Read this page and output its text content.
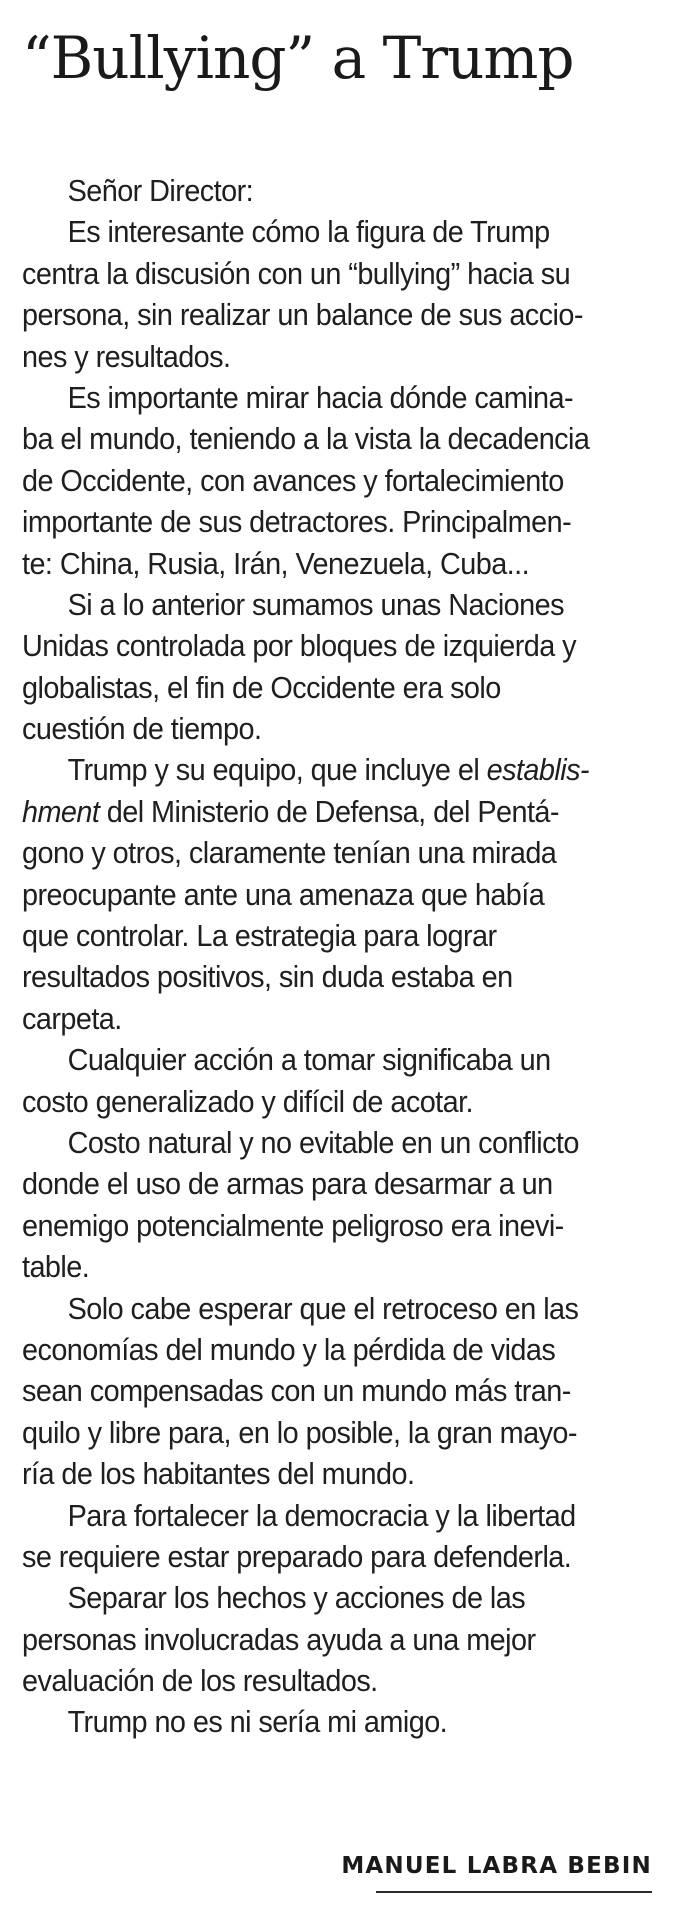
“Bullying” a Trump
Señor Director:
Es interesante cómo la figura de Trump
centra la discusión con un “bullying” hacia su
persona, sin realizar un balance de sus accio-
nes y resultados.
Es importante mirar hacia dónde camina-
ba el mundo, teniendo a la vista la decadencia
de Occidente, con avances y fortalecimiento
importante de sus detractores. Principalmen-
te: China, Rusia, Irán, Venezuela, Cuba...
Si a lo anterior sumamos unas Naciones
Unidas controlada por bloques de izquierda y
globalistas, el fin de Occidente era solo
cuestión de tiempo.
Trump y su equipo, que incluye el establis-
hment del Ministerio de Defensa, del Pentá-
gono y otros, claramente tenían una mirada
preocupante ante una amenaza que había
que controlar. La estrategia para lograr
resultados positivos, sin duda estaba en
carpeta.
Cualquier acción a tomar significaba un
costo generalizado y difícil de acotar.
Costo natural y no evitable en un conflicto
donde el uso de armas para desarmar a un
enemigo potencialmente peligroso era inevi-
table.
Solo cabe esperar que el retroceso en las
economías del mundo y la pérdida de vidas
sean compensadas con un mundo más tran-
quilo y libre para, en lo posible, la gran mayo-
ría de los habitantes del mundo.
Para fortalecer la democracia y la libertad
se requiere estar preparado para defenderla.
Separar los hechos y acciones de las
personas involucradas ayuda a una mejor
evaluación de los resultados.
Trump no es ni sería mi amigo.

MANUEL LABRA BEBIN
